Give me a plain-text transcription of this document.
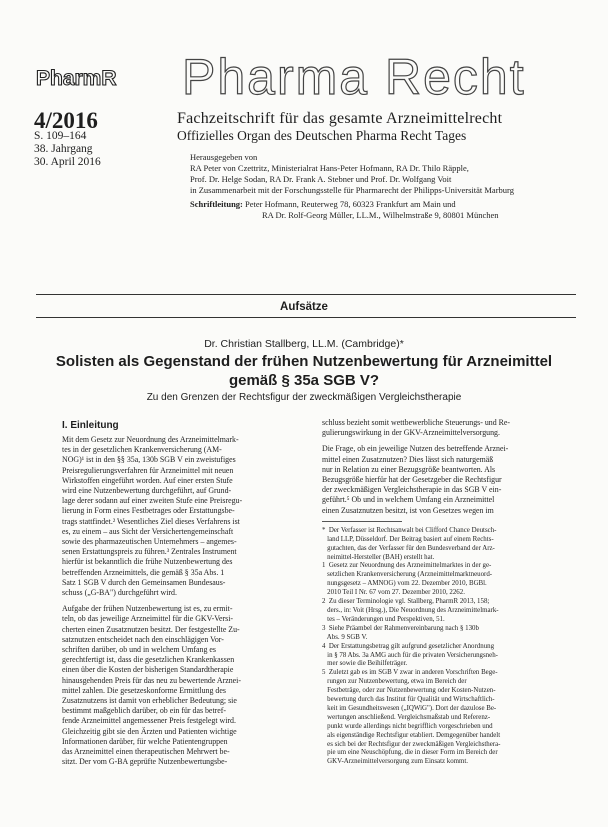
PharmR Pharma Recht
4/2016
S. 109–164
38. Jahrgang
30. April 2016
Fachzeitschrift für das gesamte Arzneimittelrecht
Offizielles Organ des Deutschen Pharma Recht Tages
Herausgegeben von
RA Peter von Czettritz, Ministerialrat Hans-Peter Hofmann, RA Dr. Thilo Räpple,
Prof. Dr. Helge Sodan, RA Dr. Frank A. Stebner und Prof. Dr. Wolfgang Voit
in Zusammenarbeit mit der Forschungsstelle für Pharmarecht der Philipps-Universität Marburg
Schriftleitung: Peter Hofmann, Reuterweg 78, 60323 Frankfurt am Main und
RA Dr. Rolf-Georg Müller, LL.M., Wilhelmstraße 9, 80801 München
Aufsätze
Dr. Christian Stallberg, LL.M. (Cambridge)*
Solisten als Gegenstand der frühen Nutzenbewertung für Arzneimittel
gemäß § 35a SGB V?
Zu den Grenzen der Rechtsfigur der zweckmäßigen Vergleichstherapie
I. Einleitung
Mit dem Gesetz zur Neuordnung des Arzneimittelmark-
tes in der gesetzlichen Krankenversicherung (AM-
NOG)¹ ist in den §§ 35a, 130b SGB V ein zweistufiges
Preisregulierungsverfahren für Arzneimittel mit neuen
Wirkstoffen eingeführt worden. Auf einer ersten Stufe
wird eine Nutzenbewertung durchgeführt, auf Grund-
lage derer sodann auf einer zweiten Stufe eine Preisregu-
lierung in Form eines Festbetrages oder Erstattungsbe-
trags stattfindet.² Wesentliches Ziel dieses Verfahrens ist
es, zu einem – aus Sicht der Versichertengemeinschaft
sowie des pharmazeutischen Unternehmers – angemes-
senen Erstattungspreis zu führen.³ Zentrales Instrument
hierfür ist bekanntlich die frühe Nutzenbewertung des
betreffenden Arzneimittels, die gemäß § 35a Abs. 1
Satz 1 SGB V durch den Gemeinsamen Bundesaus-
schuss („G-BA") durchgeführt wird.
Aufgabe der frühen Nutzenbewertung ist es, zu ermit-
teln, ob das jeweilige Arzneimittel für die GKV-Versi-
cherten einen Zusatznutzen besitzt. Der festgestellte Zu-
satznutzen entscheidet nach den einschlägigen Vor-
schriften darüber, ob und in welchem Umfang es
gerechtfertigt ist, dass die gesetzlichen Krankenkassen
einen über die Kosten der bisherigen Standardtherapie
hinausgehenden Preis für das neu zu bewertende Arznei-
mittel zahlen. Die gesetzeskonforme Ermittlung des
Zusatznutzens ist damit von erheblicher Bedeutung; sie
bestimmt maßgeblich darüber, ob ein für das betref-
fende Arzneimittel angemessener Preis festgelegt wird.
Gleichzeitig gibt sie den Ärzten und Patienten wichtige
Informationen darüber, für welche Patientengruppen
das Arzneimittel einen therapeutischen Mehrwert be-
sitzt. Der vom G-BA geprüfte Nutzenbewertungsbe-
schluss bezieht somit wettbewerbliche Steuerungs- und Re-
gulierungswirkung in der GKV-Arzneimittelversorgung.
Die Frage, ob ein jeweilige Nutzen des betreffende Arznei-
mittel einen Zusatznutzen? Dies lässt sich naturgemäß
nur in Relation zu einer Bezugsgröße beantworten. Als
Bezugsgröße hierfür hat der Gesetzgeber die Rechtsfigur
der zweckmäßigen Vergleichstherapie in das SGB V ein-
geführt.⁵ Ob und in welchem Umfang ein Arzneimittel
einen Zusatznutzen besitzt, ist von Gesetzes wegen im
*  Der Verfasser ist Rechtsanwalt bei Clifford Chance Deutsch-
land LLP, Düsseldorf. Der Beitrag basiert auf einem Rechts-
gutachten, das der Verfasser für den Bundesverband der Arz-
neimittel-Hersteller (BAH) erstellt hat.
1  Gesetz zur Neuordnung des Arzneimittelmarktes in der ge-
setzlichen Krankenversicherung (Arzneimittelmarktneuord-
nungsgesetz – AMNOG) vom 22. Dezember 2010, BGBl.
2010 Teil I Nr. 67 vom 27. Dezember 2010, 2262.
2  Zu dieser Terminologie vgl. Stallberg, PharmR 2013, 158;
ders., in: Voit (Hrsg.), Die Neuordnung des Arzneimittelmark-
tes – Veränderungen und Perspektiven, 51.
3  Siehe Präambel der Rahmenvereinbarung nach § 130b
Abs. 9 SGB V.
4  Der Erstattungsbetrag gilt aufgrund gesetzlicher Anordnung
in § 78 Abs. 3a AMG auch für die privaten Versicherungsneh-
mer sowie die Beihilfeträger.
5  Zuletzt gab es im SGB V zwar in anderen Vorschriften Bege-
rungen zur Nutzenbewertung, etwa im Bereich der
Festbeträge, oder zur Nutzenbewertung oder Kosten-Nutzen-
bewertung durch das Institut für Qualität und Wirtschaftlich-
keit im Gesundheitswesen („IQWiG"). Dort der dazulose Be-
wertungen anschließend. Vergleichsmaßstab und Referenz-
punkt wurde allerdings nicht begrifflich vorgeschrieben und
als eigenständige Rechtsfigur etabliert. Demgegenüber handelt
es sich bei der Rechtsfigur der zweckmäßigen Vergleichsthera-
pie um eine Neuschöpfung, die in dieser Form im Bereich der
GKV-Arzneimittelversorgung zum Einsatz kommt.
